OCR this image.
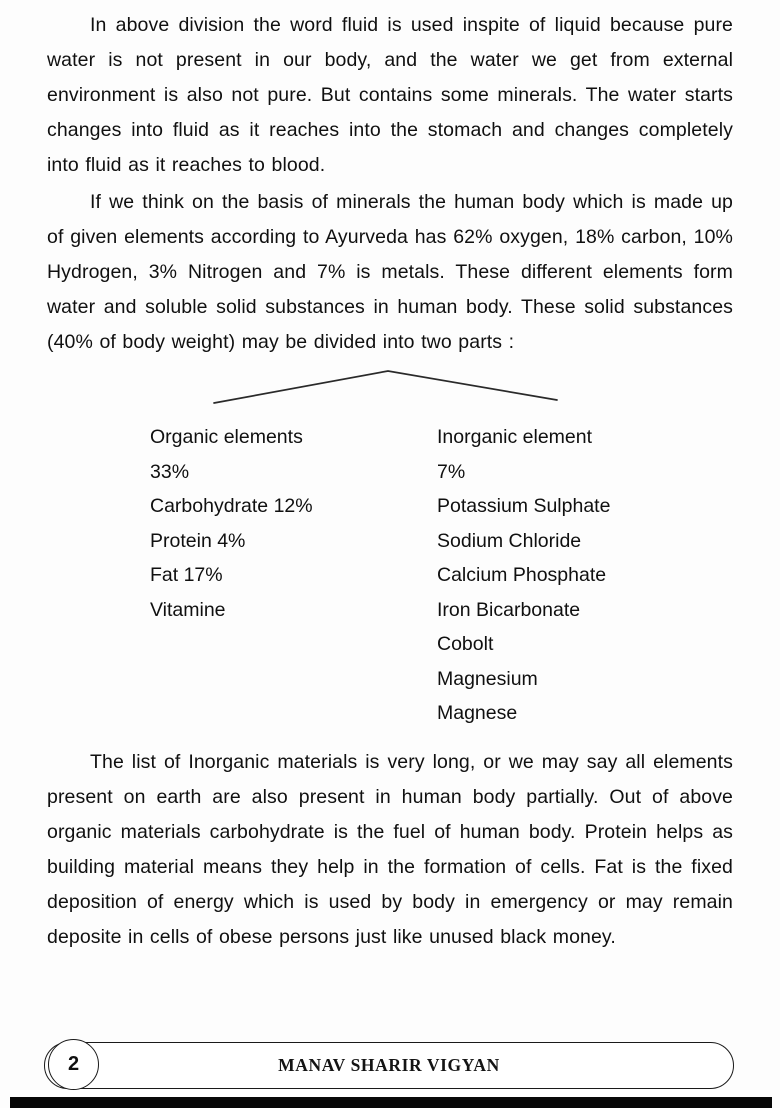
In above division the word fluid is used inspite of liquid because pure water is not present in our body, and the water we get from external environment is also not pure. But contains some minerals. The water starts changes into fluid as it reaches into the stomach and changes completely into fluid as it reaches to blood.

If we think on the basis of minerals the human body which is made up of given elements according to Ayurveda has 62% oxygen, 18% carbon, 10% Hydrogen, 3% Nitrogen and 7% is metals. These different elements form water and soluble solid substances in human body. These solid substances (40% of body weight) may be divided into two parts :

Organic elements
33%
Carbohydrate 12%
Protein 4%
Fat 17%
Vitamine
Inorganic element
7%
Potassium Sulphate
Sodium Chloride
Calcium Phosphate
Iron Bicarbonate
Cobolt
Magnesium
Magnese

The list of Inorganic materials is very long, or we may say all elements present on earth are also present in human body partially. Out of above organic materials carbohydrate is the fuel of human body. Protein helps as building material means they help in the formation of cells. Fat is the fixed deposition of energy which is used by body in emergency or may remain deposite in cells of obese persons just like unused black money.

2	MANAV SHARIR VIGYAN
